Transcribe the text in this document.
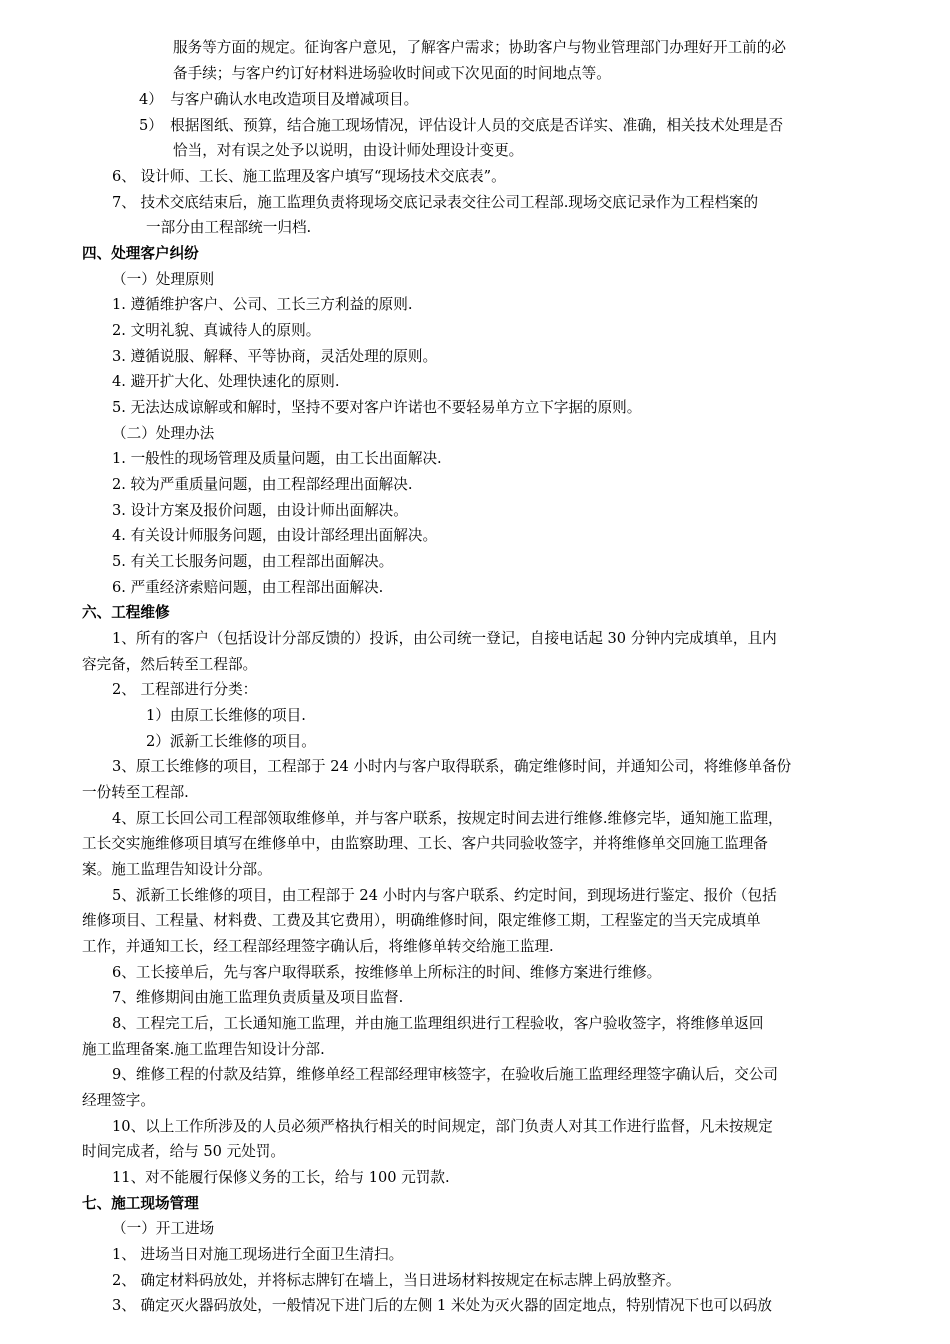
服务等方面的规定。征询客户意见，了解客户需求；协助客户与物业管理部门办理好开工前的必
备手续；与客户约订好材料进场验收时间或下次见面的时间地点等。
4）　与客户确认水电改造项目及增减项目。
5）　根据图纸、预算，结合施工现场情况，评估设计人员的交底是否详实、准确，相关技术处理是否
恰当，对有误之处予以说明，由设计师处理设计变更。
6、 设计师、工长、施工监理及客户填写“现场技术交底表”。
7、 技术交底结束后，施工监理负责将现场交底记录表交往公司工程部.现场交底记录作为工程档案的
一部分由工程部统一归档.
四、处理客户纠纷
（一）处理原则
1. 遵循维护客户、公司、工长三方利益的原则.
2. 文明礼貌、真诚待人的原则。
3. 遵循说服、解释、平等协商，灵活处理的原则。
4. 避开扩大化、处理快速化的原则.
5. 无法达成谅解或和解时，坚持不要对客户许诺也不要轻易单方立下字据的原则。
（二）处理办法
1. 一般性的现场管理及质量问题，由工长出面解决.
2. 较为严重质量问题，由工程部经理出面解决.
3. 设计方案及报价问题，由设计师出面解决。
4. 有关设计师服务问题，由设计部经理出面解决。
5. 有关工长服务问题，由工程部出面解决。
6. 严重经济索赔问题，由工程部出面解决.
六、工程维修
1、所有的客户（包括设计分部反馈的）投诉，由公司统一登记，自接电话起 30 分钟内完成填单，且内
容完备，然后转至工程部。
2、 工程部进行分类：
1）由原工长维修的项目.
2）派新工长维修的项目。
3、原工长维修的项目，工程部于 24 小时内与客户取得联系，确定维修时间，并通知公司，将维修单备份
一份转至工程部.
4、原工长回公司工程部领取维修单，并与客户联系，按规定时间去进行维修.维修完毕，通知施工监理，
工长交实施维修项目填写在维修单中，由监察助理、工长、客户共同验收签字，并将维修单交回施工监理备
案。施工监理告知设计分部。
5、派新工长维修的项目，由工程部于 24 小时内与客户联系、约定时间，到现场进行鉴定、报价（包括
维修项目、工程量、材料费、工费及其它费用），明确维修时间，限定维修工期，工程鉴定的当天完成填单
工作，并通知工长，经工程部经理签字确认后，将维修单转交给施工监理.
6、工长接单后，先与客户取得联系，按维修单上所标注的时间、维修方案进行维修。
7、维修期间由施工监理负责质量及项目监督.
8、工程完工后，工长通知施工监理，并由施工监理组织进行工程验收，客户验收签字，将维修单返回
施工监理备案.施工监理告知设计分部.
9、维修工程的付款及结算，维修单经工程部经理审核签字，在验收后施工监理经理签字确认后，交公司
经理签字。
10、以上工作所涉及的人员必须严格执行相关的时间规定，部门负责人对其工作进行监督，凡未按规定
时间完成者，给与 50 元处罚。
11、对不能履行保修义务的工长，给与 100 元罚款.
七、施工现场管理
（一）开工进场
1、 进场当日对施工现场进行全面卫生清扫。
2、 确定材料码放处，并将标志牌钉在墙上，当日进场材料按规定在标志牌上码放整齐。
3、 确定灭火器码放处，一般情况下进门后的左侧 1 米处为灭火器的固定地点，特别情况下也可以码放
